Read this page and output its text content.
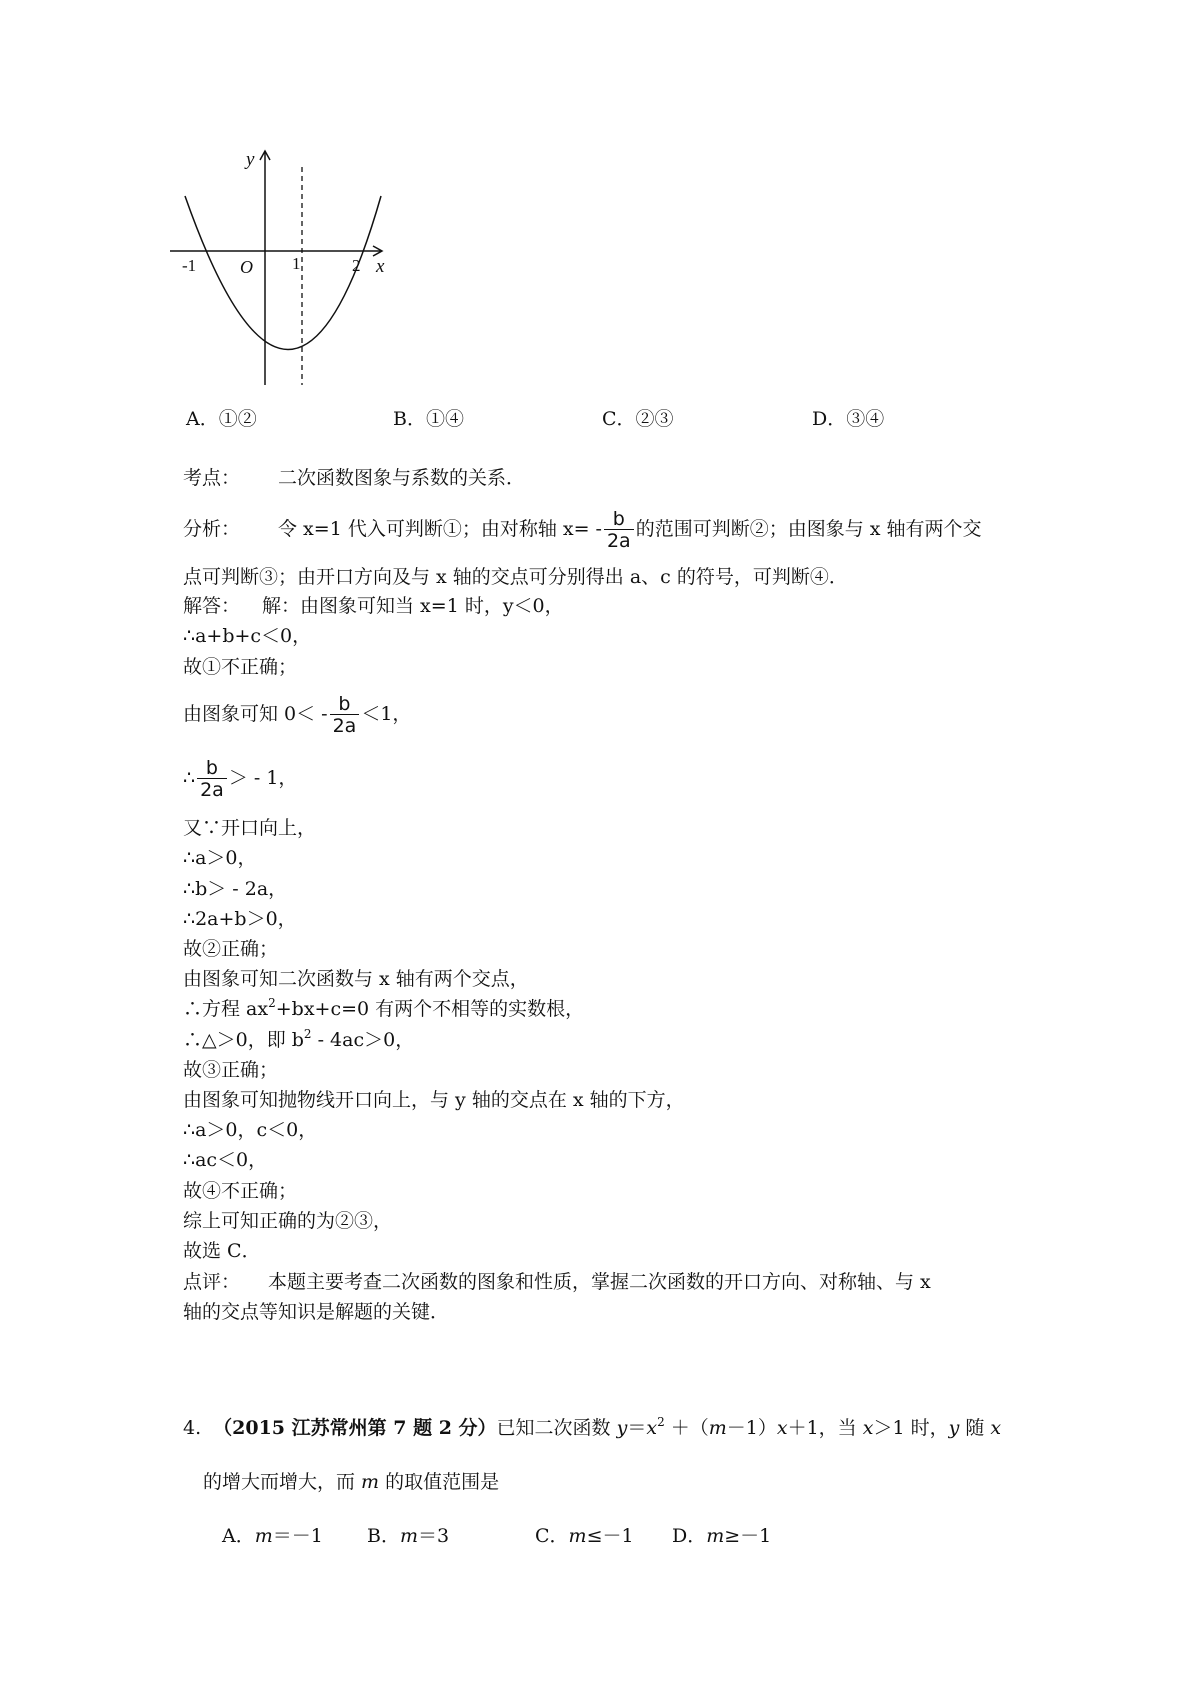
y
x
O
-1	1	2
A．①②	B．①④	C．②③	D．③④
考点： 二次函数图象与系数的关系．
分析： 令 x=1 代入可判断①；由对称轴 $x= - \frac{b}{2a}$ 的范围可判断②；由图象与 x 轴有两个交
点可判断③；由开口方向及与 x 轴的交点可分别得出 a、c 的符号，可判断④．
解答： 解：由图象可知当 x=1 时，y＜0，
∴a+b+c＜0，
故①不正确；
由图象可知 $0< - \frac{b}{2a} <1$，
∴ $\frac{b}{2a}$ ＞ - 1，
又∵开口向上，
∴a＞0，
∴b＞ - 2a，
∴2a+b＞0，
故②正确；
由图象可知二次函数与 x 轴有两个交点，
∴方程 $ax^2+bx+c=0$ 有两个不相等的实数根，
∴△＞0，即 $b^2 - 4ac>0$，
故③正确；
由图象可知抛物线开口向上，与 y 轴的交点在 x 轴的下方，
∴a＞0，c＜0，
∴ac＜0，
故④不正确；
综上可知正确的为②③，
故选 C．
点评： 本题主要考查二次函数的图象和性质，掌握二次函数的开口方向、对称轴、与 x
轴的交点等知识是解题的关键．
4. （2015 江苏常州第 7 题 2 分）已知二次函数 $y=x^2 +(m-1)x+1$，当 x＞1 时，y 随 x
的增大而增大，而 m 的取值范围是
A．m＝－1 B．m＝3	C．m≤－1 D．m≥－1
